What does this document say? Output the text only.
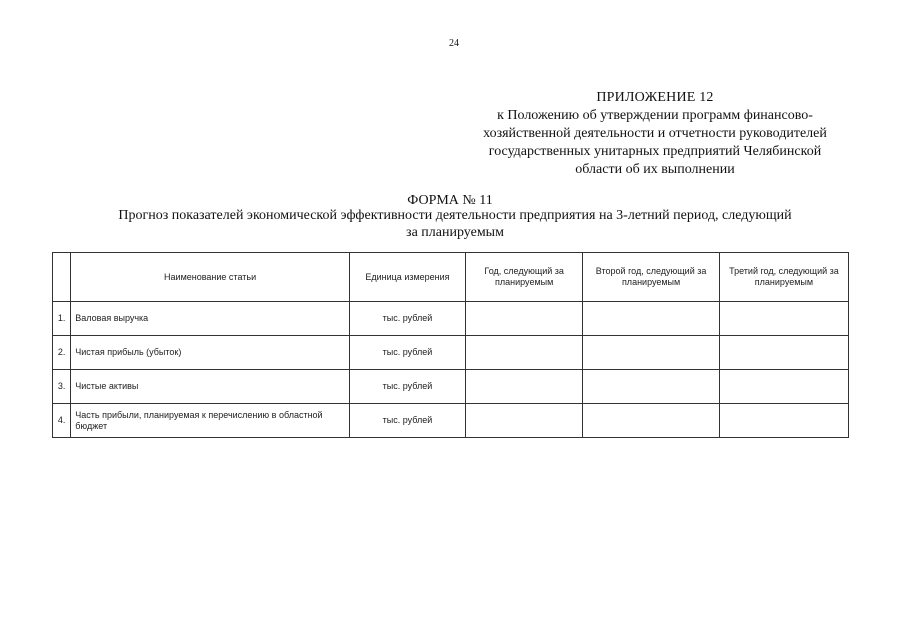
24
ПРИЛОЖЕНИЕ 12
к Положению об утверждении программ финансово-
хозяйственной деятельности и отчетности руководителей
государственных унитарных предприятий Челябинской
области об их выполнении
ФОРМА № 11
Прогноз показателей экономической эффективности деятельности предприятия на 3-летний период, следующий
за планируемым
	Наименование статьи	Единица измерения	Год, следующий за планируемым	Второй год, следующий за планируемым	Третий год, следующий за планируемым
1.	Валовая выручка	тыс. рублей			
2.	Чистая прибыль (убыток)	тыс. рублей			
3.	Чистые активы	тыс. рублей			
4.	Часть прибыли, планируемая к перечислению в областной бюджет	тыс. рублей			
